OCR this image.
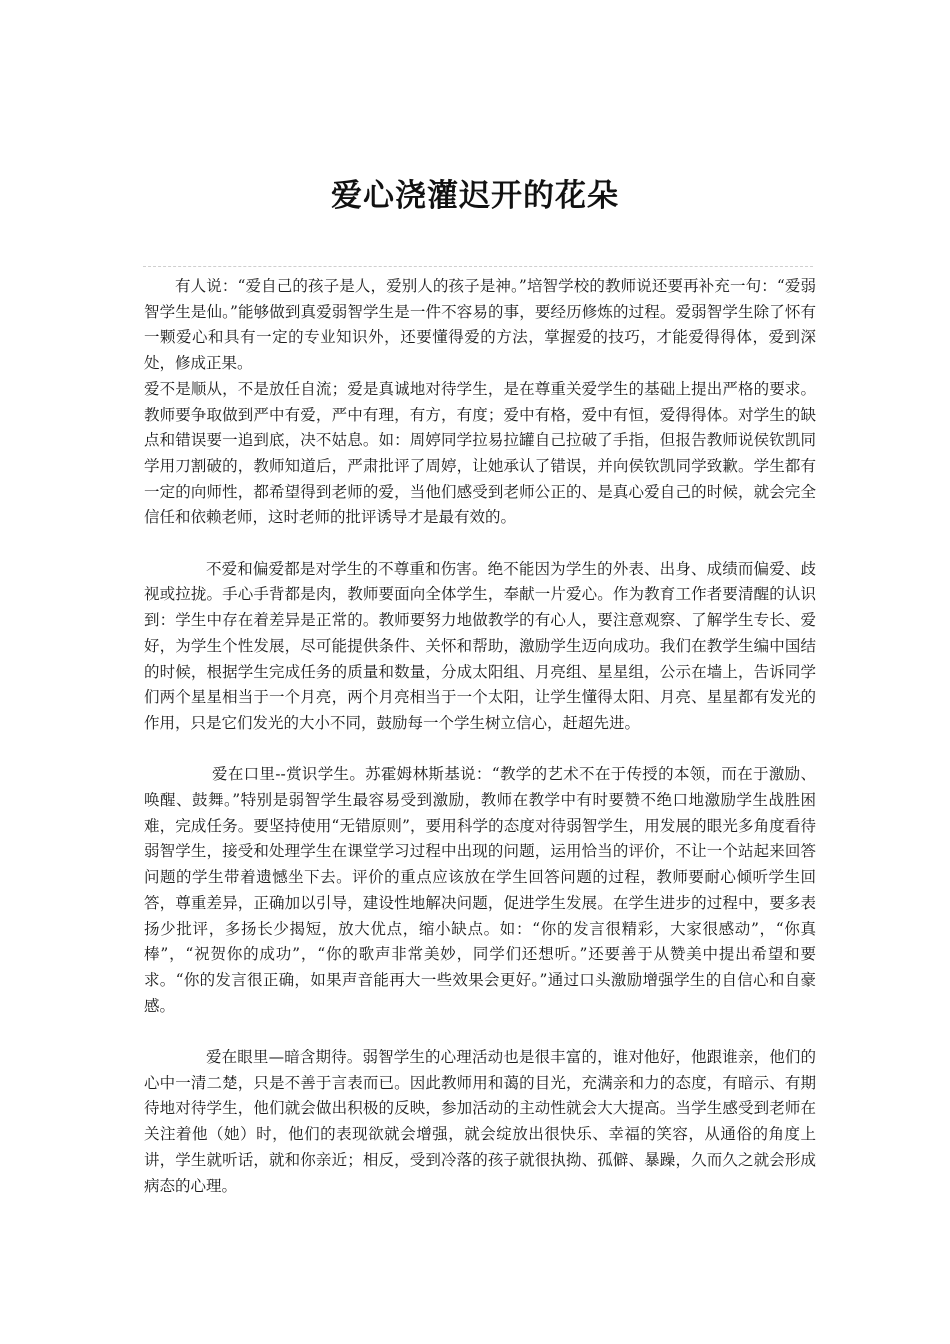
爱心浇灌迟开的花朵

有人说：“爱自己的孩子是人，爱别人的孩子是神。”培智学校的教师说还要再补充一句：“爱弱智学生是仙。”能够做到真爱弱智学生是一件不容易的事，要经历修炼的过程。爱弱智学生除了怀有一颗爱心和具有一定的专业知识外，还要懂得爱的方法，掌握爱的技巧，才能爱得得体，爱到深处，修成正果。

爱不是顺从，不是放任自流；爱是真诚地对待学生，是在尊重关爱学生的基础上提出严格的要求。教师要争取做到严中有爱，严中有理，有方，有度；爱中有格，爱中有恒，爱得得体。对学生的缺点和错误要一追到底，决不姑息。如：周婷同学拉易拉罐自己拉破了手指，但报告教师说侯钦凯同学用刀割破的，教师知道后，严肃批评了周婷，让她承认了错误，并向侯钦凯同学致歉。学生都有一定的向师性，都希望得到老师的爱，当他们感受到老师公正的、是真心爱自己的时候，就会完全信任和依赖老师，这时老师的批评诱导才是最有效的。

不爱和偏爱都是对学生的不尊重和伤害。绝不能因为学生的外表、出身、成绩而偏爱、歧视或拉拢。手心手背都是肉，教师要面向全体学生，奉献一片爱心。作为教育工作者要清醒的认识到：学生中存在着差异是正常的。教师要努力地做教学的有心人，要注意观察、了解学生专长、爱好，为学生个性发展，尽可能提供条件、关怀和帮助，激励学生迈向成功。我们在教学生编中国结的时候，根据学生完成任务的质量和数量，分成太阳组、月亮组、星星组，公示在墙上，告诉同学们两个星星相当于一个月亮，两个月亮相当于一个太阳，让学生懂得太阳、月亮、星星都有发光的作用，只是它们发光的大小不同，鼓励每一个学生树立信心，赶超先进。

爱在口里--赏识学生。苏霍姆林斯基说：“教学的艺术不在于传授的本领，而在于激励、唤醒、鼓舞。”特别是弱智学生最容易受到激励，教师在教学中有时要赞不绝口地激励学生战胜困难，完成任务。要坚持使用“无错原则”，要用科学的态度对待弱智学生，用发展的眼光多角度看待弱智学生，接受和处理学生在课堂学习过程中出现的问题，运用恰当的评价，不让一个站起来回答问题的学生带着遗憾坐下去。评价的重点应该放在学生回答问题的过程，教师要耐心倾听学生回答，尊重差异，正确加以引导，建设性地解决问题，促进学生发展。在学生进步的过程中，要多表扬少批评，多扬长少揭短，放大优点，缩小缺点。如：“你的发言很精彩，大家很感动”，“你真棒”，“祝贺你的成功”，“你的歌声非常美妙，同学们还想听。”还要善于从赞美中提出希望和要求。“你的发言很正确，如果声音能再大一些效果会更好。”通过口头激励增强学生的自信心和自豪感。

爱在眼里—暗含期待。弱智学生的心理活动也是很丰富的，谁对他好，他跟谁亲，他们的心中一清二楚，只是不善于言表而已。因此教师用和蔼的目光，充满亲和力的态度，有暗示、有期待地对待学生，他们就会做出积极的反映，参加活动的主动性就会大大提高。当学生感受到老师在关注着他（她）时，他们的表现欲就会增强，就会绽放出很快乐、幸福的笑容，从通俗的角度上讲，学生就听话，就和你亲近；相反，受到冷落的孩子就很执拗、孤僻、暴躁，久而久之就会形成病态的心理。
